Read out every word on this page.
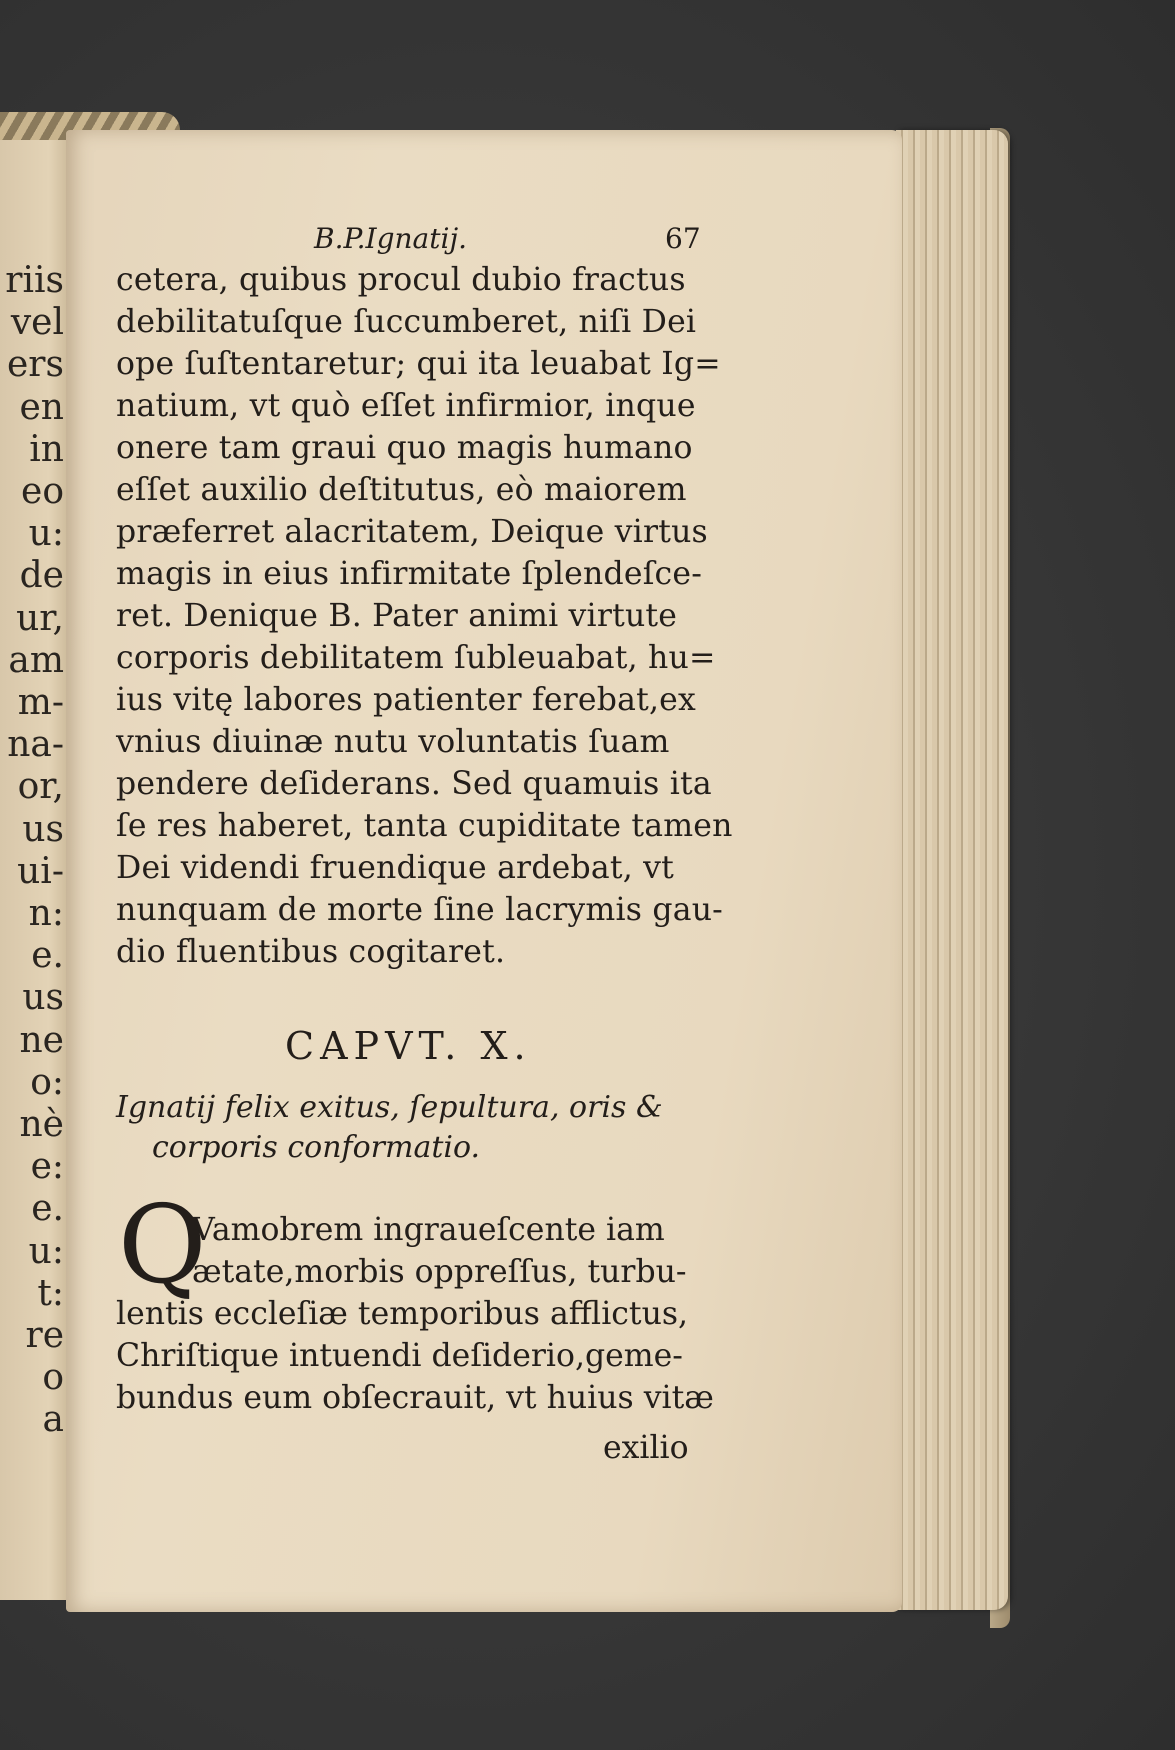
riis
vel
ers
en
in
eo
u:
de
ur,
am
m-
na-
or,
us
ui-
n:
e.
us
ne
o:
nè
e:
e.
u:
t:
re
o
a
B.P.Ignatij.	67
cetera, quibus procul dubio fractus
debilitatuſque ſuccumberet, niſi Dei
ope ſuſtentaretur; qui ita leuabat Ig=
natium, vt quò eſſet infirmior, inque
onere tam graui quo magis humano
eſſet auxilio deſtitutus, eò maiorem
præferret alacritatem, Deique virtus
magis in eius infirmitate ſplendeſce-
ret. Denique B. Pater animi virtute
corporis debilitatem ſubleuabat, hu=
ius vitę labores patienter ferebat,ex
vnius diuinæ nutu voluntatis ſuam
pendere deſiderans. Sed quamuis ita
ſe res haberet, tanta cupiditate tamen
Dei videndi fruendique ardebat, vt
nunquam de morte ſine lacrymis gau-
dio fluentibus cogitaret.
CAPVT. X.
Ignatij felix exitus, ſepultura, oris &
corporis conformatio.
Q
Vamobrem ingraueſcente iam
ætate,morbis oppreſſus, turbu-
lentis eccleſiæ temporibus afflictus,
Chriſtique intuendi deſiderio,geme-
bundus eum obſecrauit, vt huius vitæ
exilio
